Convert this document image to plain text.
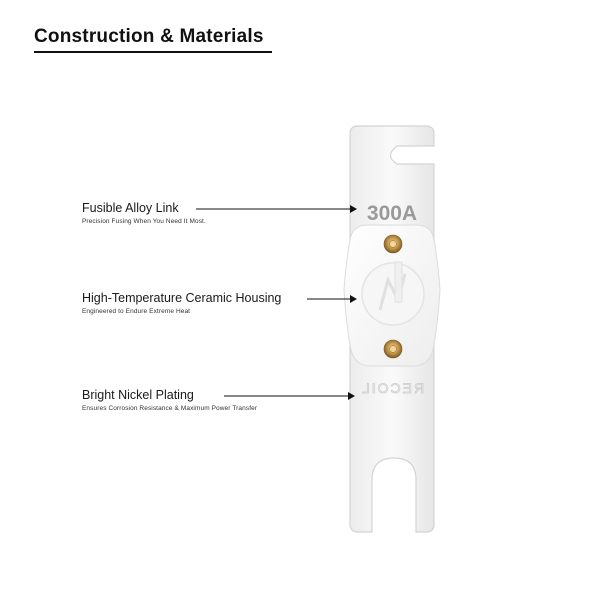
Construction & Materials
Fusible Alloy Link
Precision Fusing When You Need It Most.
High-Temperature Ceramic Housing
Engineered to Endure Extreme Heat
Bright Nickel Plating
Ensures Corrosion Resistance & Maximum Power Transfer
300A
RECOIL
